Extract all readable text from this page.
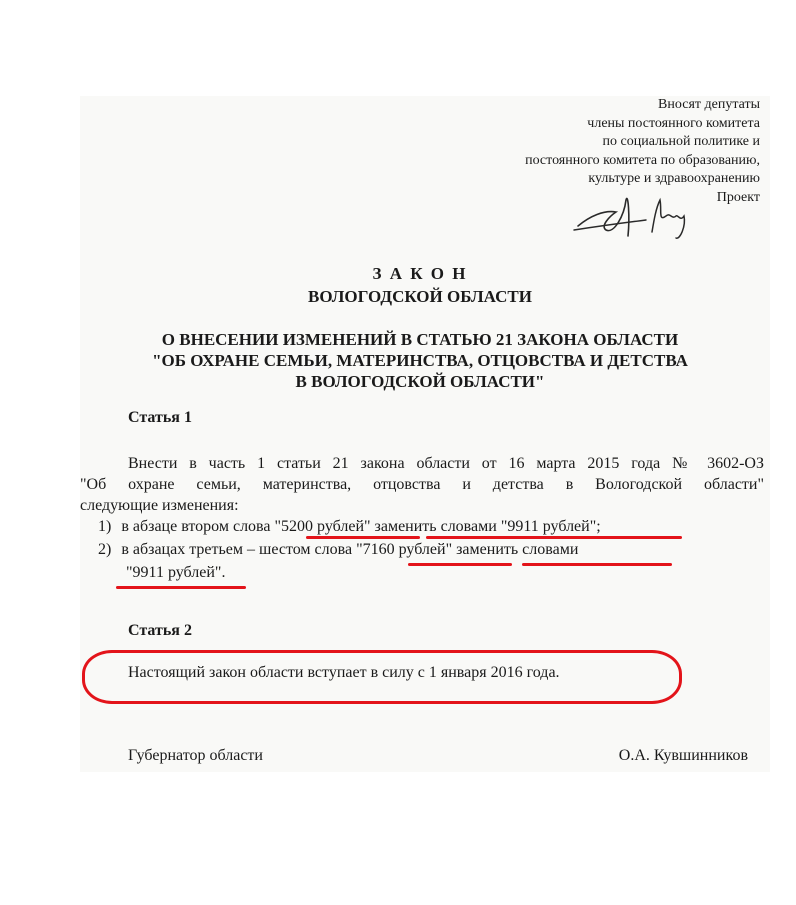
Вносят депутаты
члены постоянного комитета
по социальной политике и
постоянного комитета по образованию,
культуре и здравоохранению
Проект
З А К О Н
ВОЛОГОДСКОЙ ОБЛАСТИ
О ВНЕСЕНИИ ИЗМЕНЕНИЙ В СТАТЬЮ 21 ЗАКОНА ОБЛАСТИ
"ОБ ОХРАНЕ СЕМЬИ, МАТЕРИНСТВА, ОТЦОВСТВА И ДЕТСТВА
В ВОЛОГОДСКОЙ ОБЛАСТИ"
Статья 1
Внести в часть 1 статьи 21 закона области от 16 марта 2015 года № 3602-ОЗ
"Об охране семьи, материнства, отцовства и детства в Вологодской области"
следующие изменения:
1) в абзаце втором слова "5200 рублей" заменить словами "9911 рублей";
2) в абзацах третьем – шестом слова "7160 рублей" заменить словами
"9911 рублей".
Статья 2
Настоящий закон области вступает в силу с 1 января 2016 года.
Губернатор области	О.А. Кувшинников
